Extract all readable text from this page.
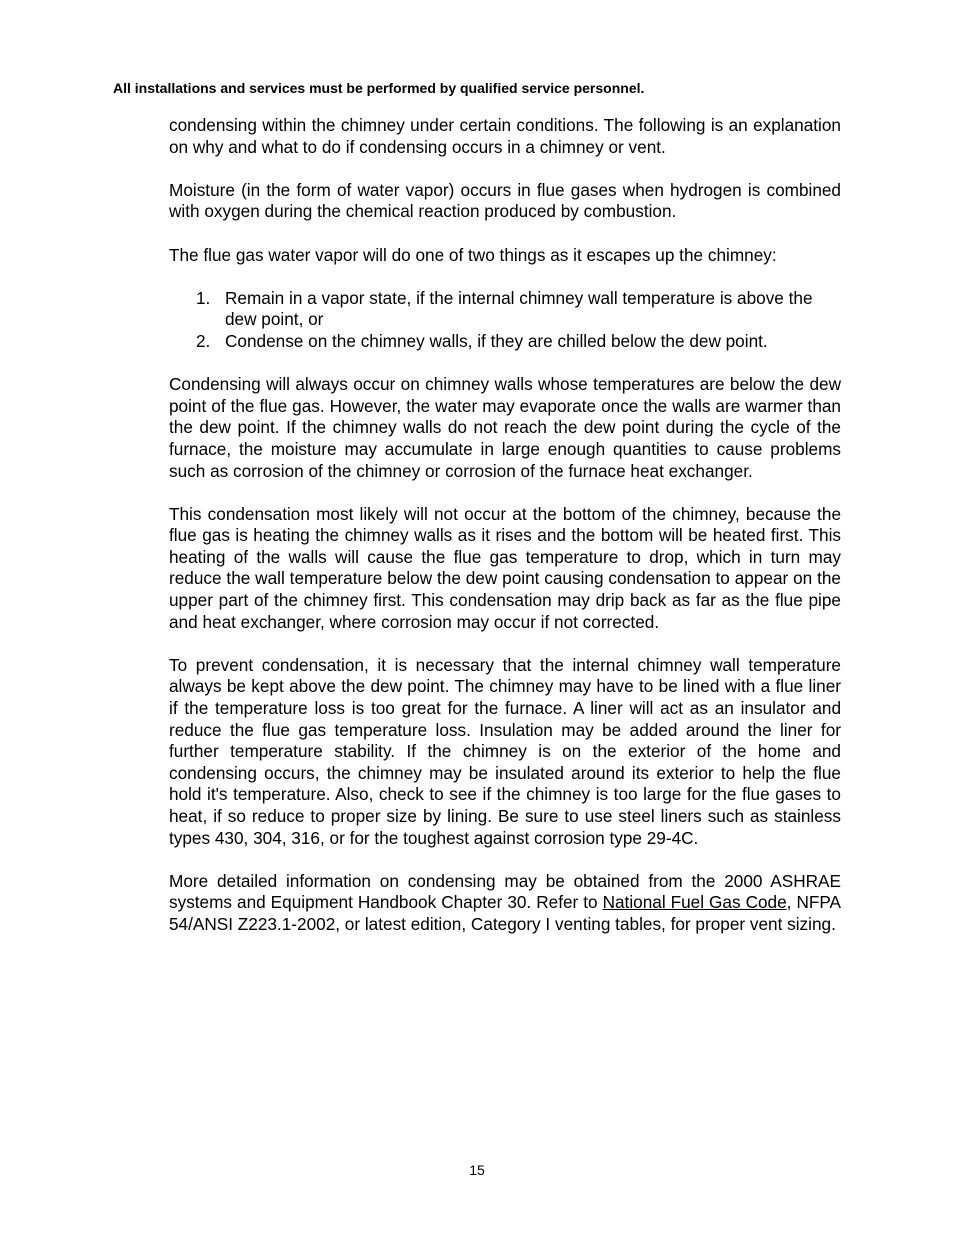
All installations and services must be performed by qualified service personnel.

condensing within the chimney under certain conditions. The following is an explanation on why and what to do if condensing occurs in a chimney or vent.

Moisture (in the form of water vapor) occurs in flue gases when hydrogen is combined with oxygen during the chemical reaction produced by combustion.

The flue gas water vapor will do one of two things as it escapes up the chimney:

1. Remain in a vapor state, if the internal chimney wall temperature is above the dew point, or
2. Condense on the chimney walls, if they are chilled below the dew point.

Condensing will always occur on chimney walls whose temperatures are below the dew point of the flue gas. However, the water may evaporate once the walls are warmer than the dew point. If the chimney walls do not reach the dew point during the cycle of the furnace, the moisture may accumulate in large enough quantities to cause problems such as corrosion of the chimney or corrosion of the furnace heat exchanger.

This condensation most likely will not occur at the bottom of the chimney, because the flue gas is heating the chimney walls as it rises and the bottom will be heated first. This heating of the walls will cause the flue gas temperature to drop, which in turn may reduce the wall temperature below the dew point causing condensation to appear on the upper part of the chimney first. This condensation may drip back as far as the flue pipe and heat exchanger, where corrosion may occur if not corrected.

To prevent condensation, it is necessary that the internal chimney wall temperature always be kept above the dew point. The chimney may have to be lined with a flue liner if the temperature loss is too great for the furnace. A liner will act as an insulator and reduce the flue gas temperature loss. Insulation may be added around the liner for further temperature stability. If the chimney is on the exterior of the home and condensing occurs, the chimney may be insulated around its exterior to help the flue hold it's temperature. Also, check to see if the chimney is too large for the flue gases to heat, if so reduce to proper size by lining. Be sure to use steel liners such as stainless types 430, 304, 316, or for the toughest against corrosion type 29-4C.

More detailed information on condensing may be obtained from the 2000 ASHRAE systems and Equipment Handbook Chapter 30. Refer to National Fuel Gas Code, NFPA 54/ANSI Z223.1-2002, or latest edition, Category I venting tables, for proper vent sizing.

15
